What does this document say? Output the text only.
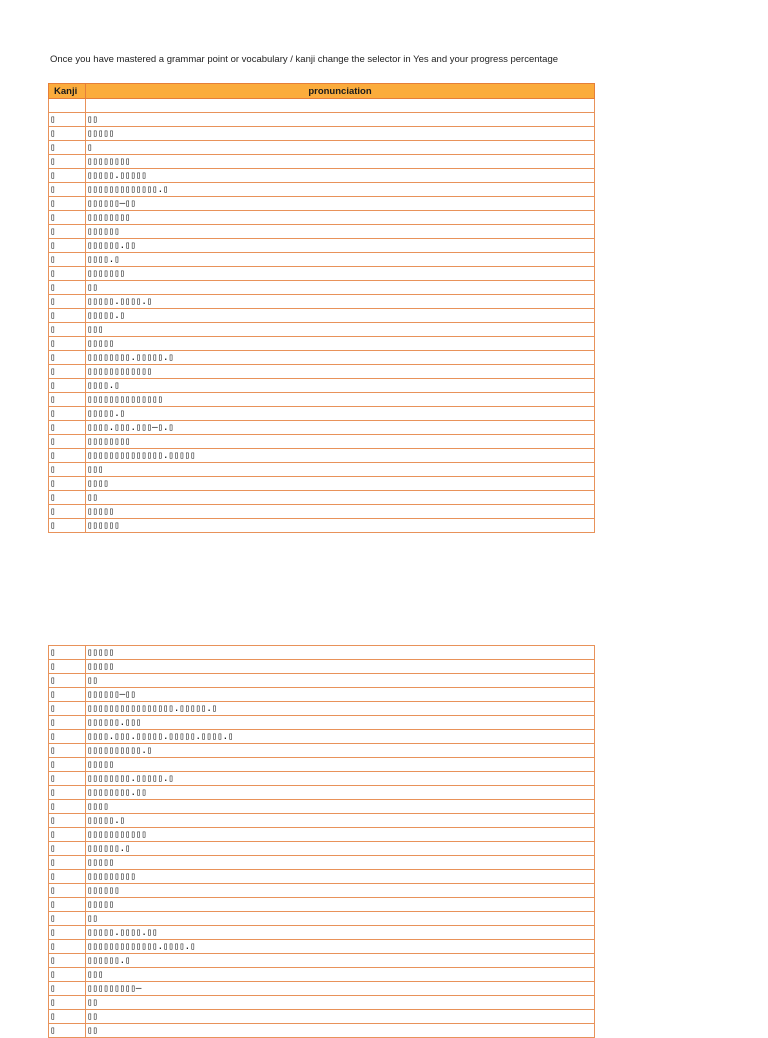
Once you have mastered a grammar point or vocabulary / kanji change the selector in Yes and your progress percentage
Kanji	pronunciation

▯	▯▯
▯	▯▯▯▯▯
▯	▯
▯	▯▯▯▯▯▯▯▯
▯	▯▯▯▯▯.▯▯▯▯▯
▯	▯▯▯▯▯▯▯▯▯▯▯▯▯.▯
▯	▯▯▯▯▯▯–▯▯
▯	▯▯▯▯▯▯▯▯
▯	▯▯▯▯▯▯
▯	▯▯▯▯▯▯.▯▯
▯	▯▯▯▯.▯
▯	▯▯▯▯▯▯▯
▯	▯▯
▯	▯▯▯▯▯.▯▯▯▯.▯
▯	▯▯▯▯▯.▯
▯	▯▯▯
▯	▯▯▯▯▯
▯	▯▯▯▯▯▯▯▯.▯▯▯▯▯.▯
▯	▯▯▯▯▯▯▯▯▯▯▯▯
▯	▯▯▯▯.▯
▯	▯▯▯▯▯▯▯▯▯▯▯▯▯▯
▯	▯▯▯▯▯.▯
▯	▯▯▯▯.▯▯▯.▯▯▯–▯.▯
▯	▯▯▯▯▯▯▯▯
▯	▯▯▯▯▯▯▯▯▯▯▯▯▯▯.▯▯▯▯▯
▯	▯▯▯
▯	▯▯▯▯
▯	▯▯
▯	▯▯▯▯▯
▯	▯▯▯▯▯▯
▯	▯▯▯▯▯
▯	▯▯▯▯▯
▯	▯▯
▯	▯▯▯▯▯▯–▯▯
▯	▯▯▯▯▯▯▯▯▯▯▯▯▯▯▯▯.▯▯▯▯▯.▯
▯	▯▯▯▯▯▯.▯▯▯
▯	▯▯▯▯.▯▯▯.▯▯▯▯▯.▯▯▯▯▯.▯▯▯▯.▯
▯	▯▯▯▯▯▯▯▯▯▯.▯
▯	▯▯▯▯▯
▯	▯▯▯▯▯▯▯▯.▯▯▯▯▯.▯
▯	▯▯▯▯▯▯▯▯.▯▯
▯	▯▯▯▯
▯	▯▯▯▯▯.▯
▯	▯▯▯▯▯▯▯▯▯▯▯
▯	▯▯▯▯▯▯.▯
▯	▯▯▯▯▯
▯	▯▯▯▯▯▯▯▯▯
▯	▯▯▯▯▯▯
▯	▯▯▯▯▯
▯	▯▯
▯	▯▯▯▯▯.▯▯▯▯.▯▯
▯	▯▯▯▯▯▯▯▯▯▯▯▯▯.▯▯▯▯.▯
▯	▯▯▯▯▯▯.▯
▯	▯▯▯
▯	▯▯▯▯▯▯▯▯▯–
▯	▯▯
▯	▯▯
▯	▯▯
